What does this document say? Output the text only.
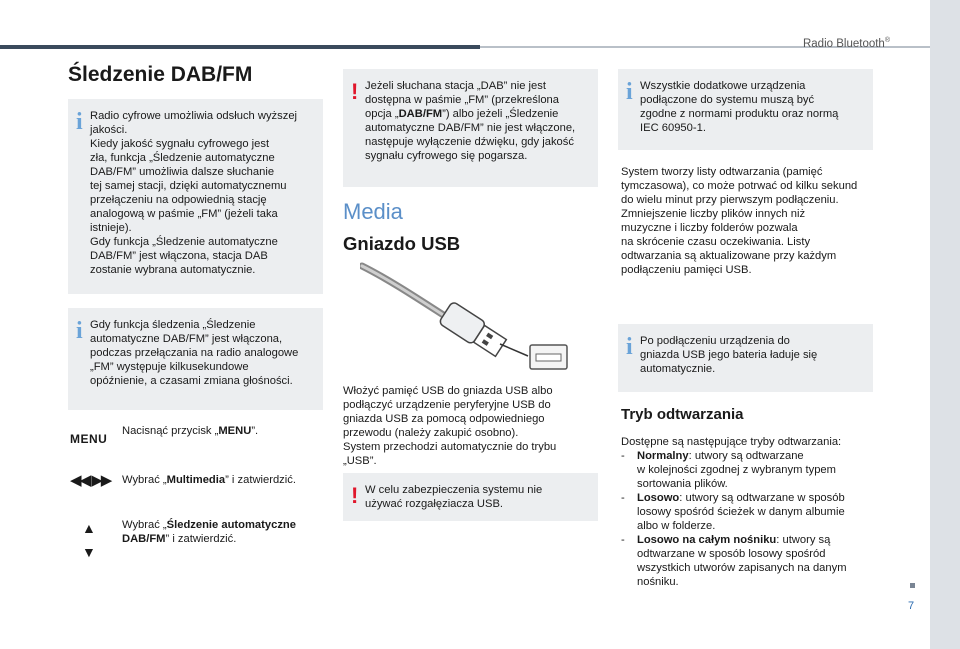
Radio Bluetooth®
Śledzenie DAB/FM
i Radio cyfrowe umożliwia odsłuch wyższej
jakości.
Kiedy jakość sygnału cyfrowego jest
zła, funkcja „Śledzenie automatyczne
DAB/FM” umożliwia dalsze słuchanie
tej samej stacji, dzięki automatycznemu
przełączeniu na odpowiednią stację
analogową w paśmie „FM” (jeżeli taka
istnieje).
Gdy funkcja „Śledzenie automatyczne
DAB/FM” jest włączona, stacja DAB
zostanie wybrana automatycznie.
i Gdy funkcja śledzenia „Śledzenie
automatyczne DAB/FM” jest włączona,
podczas przełączania na radio analogowe
„FM” występuje kilkusekundowe
opóźnienie, a czasami zmiana głośności.
MENU
Nacisnąć przycisk „MENU”.
◀◀ ▶▶ Wybrać „Multimedia” i zatwierdzić.
▲
▼
Wybrać „Śledzenie automatyczne DAB/FM” i zatwierdzić.
! Jeżeli słuchana stacja „DAB” nie jest
dostępna w paśmie „FM” (przekreślona
opcja „DAB/FM”) albo jeżeli „Śledzenie
automatyczne DAB/FM” nie jest włączone,
następuje wyłączenie dźwięku, gdy jakość
sygnału cyfrowego się pogarsza.
Media
Gniazdo USB
Włożyć pamięć USB do gniazda USB albo
podłączyć urządzenie peryferyjne USB do
gniazda USB za pomocą odpowiedniego
przewodu (należy zakupić osobno).
System przechodzi automatycznie do trybu
„USB”.
! W celu zabezpieczenia systemu nie
używać rozgałęziacza USB.
i Wszystkie dodatkowe urządzenia
podłączone do systemu muszą być
zgodne z normami produktu oraz normą
IEC 60950-1.
System tworzy listy odtwarzania (pamięć
tymczasowa), co może potrwać od kilku sekund
do wielu minut przy pierwszym podłączeniu.
Zmniejszenie liczby plików innych niż
muzyczne i liczby folderów pozwala
na skrócenie czasu oczekiwania. Listy
odtwarzania są aktualizowane przy każdym
podłączeniu pamięci USB.
i Po podłączeniu urządzenia do
gniazda USB jego bateria ładuje się
automatycznie.
Tryb odtwarzania
Dostępne są następujące tryby odtwarzania:
- Normalny: utwory są odtwarzane
w kolejności zgodnej z wybranym typem
sortowania plików.
- Losowo: utwory są odtwarzane w sposób
losowy spośród ścieżek w danym albumie
albo w folderze.
- Losowo na całym nośniku: utwory są
odtwarzane w sposób losowy spośród
wszystkich utworów zapisanych na danym
nośniku.
7
